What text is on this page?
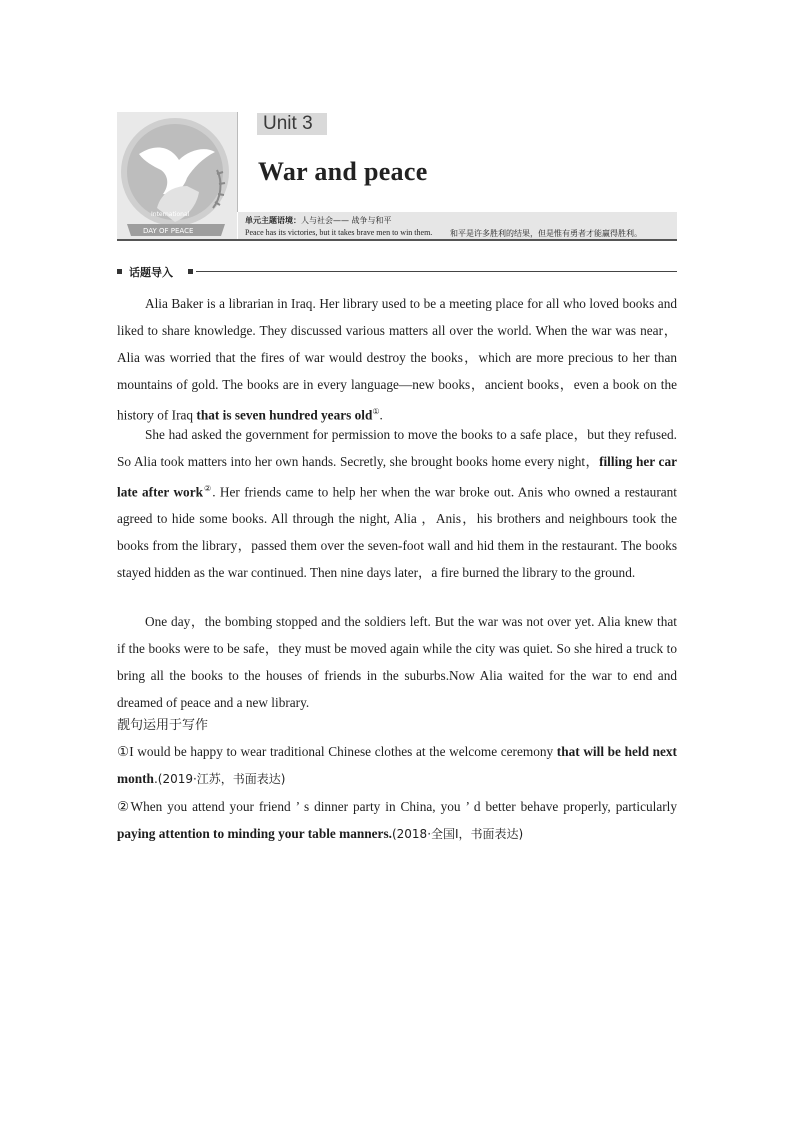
International
DAY OF PEACE
Unit 3
War and peace
单元主题语境：人与社会—— 战争与和平
Peace has its victories, but it takes brave men to win them. 和平是许多胜利的结果，但是惟有勇者才能赢得胜利。
话题导入

Alia Baker is a librarian in Iraq. Her library used to be a meeting place for all who loved books and liked to share knowledge. They discussed various matters all over the world. When the war was near，Alia was worried that the fires of war would destroy the books，which are more precious to her than mountains of gold. The books are in every language—new books，ancient books，even a book on the history of Iraq that is seven hundred years old①.

She had asked the government for permission to move the books to a safe place，but they refused. So Alia took matters into her own hands. Secretly, she brought books home every night，filling her car late after work②. Her friends came to help her when the war broke out. Anis who owned a restaurant agreed to hide some books. All through the night, Alia ，Anis，his brothers and neighbours took the books from the library，passed them over the seven-foot wall and hid them in the restaurant. The books stayed hidden as the war continued. Then nine days later，a fire burned the library to the ground.

One day，the bombing stopped and the soldiers left. But the war was not over yet. Alia knew that if the books were to be safe，they must be moved again while the city was quiet. So she hired a truck to bring all the books to the houses of friends in the suburbs.Now Alia waited for the war to end and dreamed of peace and a new library.

靓句运用于写作

①I would be happy to wear traditional Chinese clothes at the welcome ceremony that will be held next month.(2019·江苏，书面表达)

②When you attend your friend ’ s dinner party in China, you ’ d better behave properly, particularly paying attention to minding your table manners.(2018·全国Ⅰ，书面表达)
